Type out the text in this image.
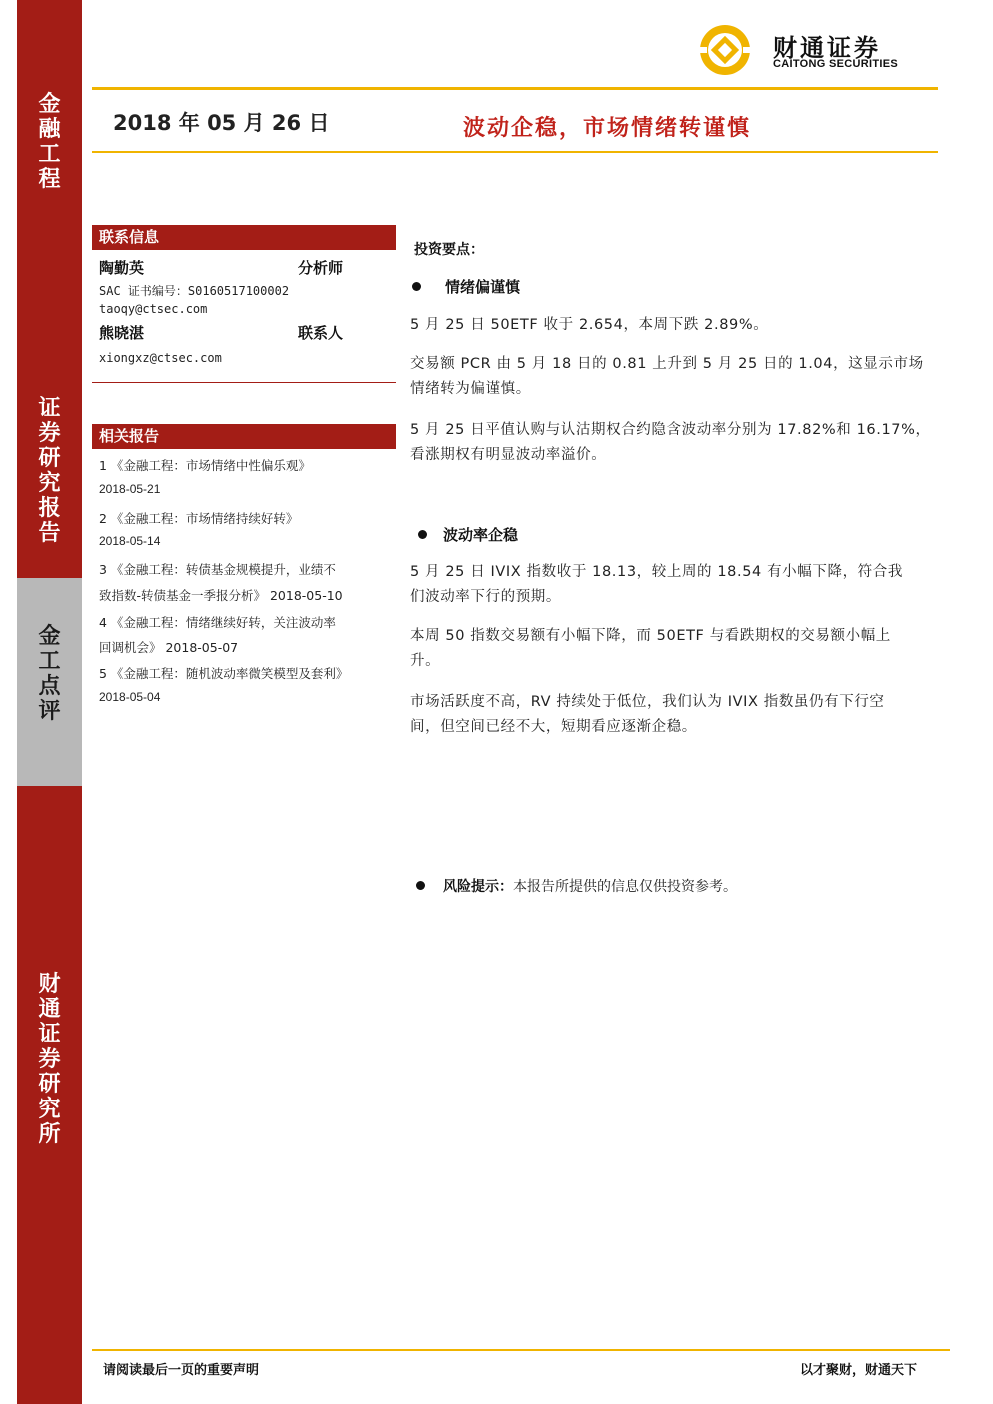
金
融
工
程
证
券
研
究
报
告
金
工
点
评
财
通
证
券
研
究
所
财通证券
CAITONG SECURITIES
2018 年 05 月 26 日	波动企稳，市场情绪转谨慎
联系信息
陶勤英	分析师
SAC 证书编号：S0160517100002
taoqy@ctsec.com
熊晓湛	联系人
xiongxz@ctsec.com
相关报告
1 《金融工程：市场情绪中性偏乐观》
2018-05-21
2 《金融工程：市场情绪持续好转》
2018-05-14
3 《金融工程：转债基金规模提升，业绩不
致指数-转债基金一季报分析》 2018-05-10
4 《金融工程：情绪继续好转，关注波动率
回调机会》 2018-05-07
5 《金融工程：随机波动率微笑模型及套利》
2018-05-04
投资要点：
情绪偏谨慎
5 月 25 日 50ETF 收于 2.654，本周下跌 2.89%。
交易额 PCR 由 5 月 18 日的 0.81 上升到 5 月 25 日的 1.04，这显示市场
情绪转为偏谨慎。
5 月 25 日平值认购与认沽期权合约隐含波动率分别为 17.82%和 16.17%，
看涨期权有明显波动率溢价。
波动率企稳
5 月 25 日 IVIX 指数收于 18.13，较上周的 18.54 有小幅下降，符合我
们波动率下行的预期。
本周 50 指数交易额有小幅下降，而 50ETF 与看跌期权的交易额小幅上
升。
市场活跃度不高，RV 持续处于低位，我们认为 IVIX 指数虽仍有下行空
间，但空间已经不大，短期看应逐渐企稳。
风险提示：本报告所提供的信息仅供投资参考。
请阅读最后一页的重要声明	以才聚财，财通天下
